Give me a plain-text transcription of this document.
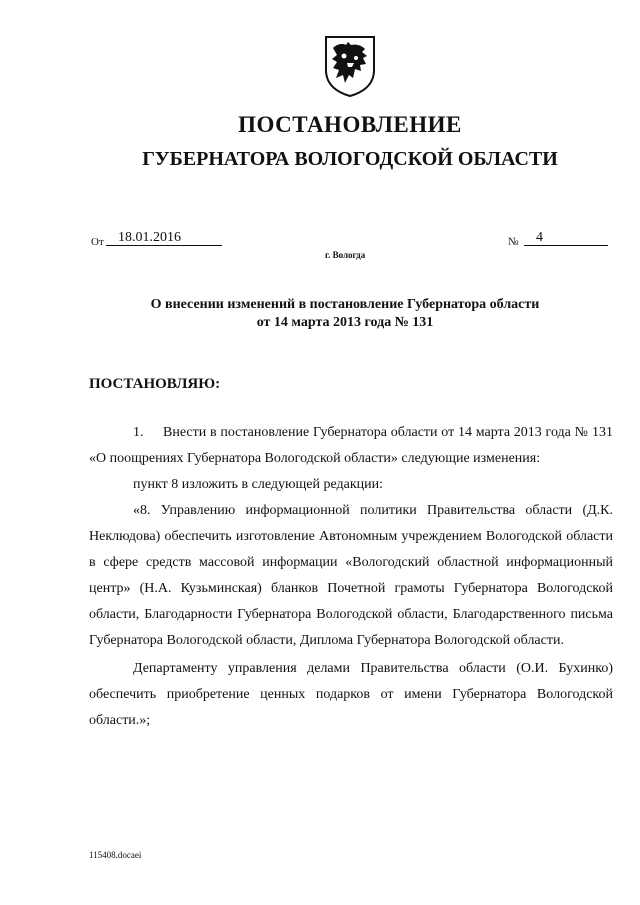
ПОСТАНОВЛЕНИЕ
ГУБЕРНАТОРА ВОЛОГОДСКОЙ ОБЛАСТИ
От	18.01.2016	№	4
г. Вологда
О внесении изменений в постановление Губернатора области
от 14 марта 2013 года № 131
ПОСТАНОВЛЯЮ:

1. Внести в постановление Губернатора области от 14 марта 2013 года № 131 «О поощрениях Губернатора Вологодской области» следующие изменения:

пункт 8 изложить в следующей редакции:

«8. Управлению информационной политики Правительства области (Д.К. Неклюдова) обеспечить изготовление Автономным учреждением Вологодской области в сфере средств массовой информации «Вологодский областной информационный центр» (Н.А. Кузьминская) бланков Почетной грамоты Губернатора Вологодской области, Благодарности Губернатора Вологодской области, Благодарственного письма Губернатора Вологодской области, Диплома Губернатора Вологодской области.

Департаменту управления делами Правительства области (О.И. Бухинко) обеспечить приобретение ценных подарков от имени Губернатора Вологодской области.»;

115408.docaei
